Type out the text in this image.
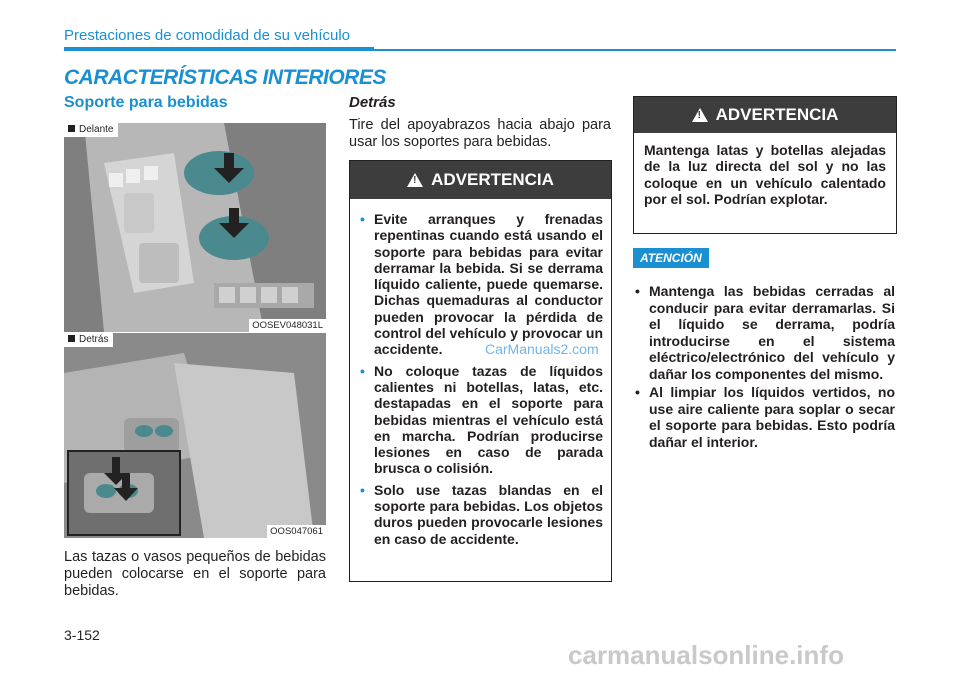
Prestaciones de comodidad de su vehículo
CARACTERÍSTICAS INTERIORES
Soporte para bebidas
Delante
OOSEV048031L
Detrás
OOS047061
Las tazas o vasos pequeños de bebidas pueden colocarse en el soporte para bebidas.
Detrás
Tire del apoyabrazos hacia abajo para usar los soportes para bebidas.
! ADVERTENCIA
• Evite arranques y frenadas repentinas cuando está usando el soporte para bebidas para evitar derramar la bebida. Si se derrama líquido caliente, puede quemarse. Dichas quemaduras al conductor pueden provocar la pérdida de control del vehículo y provocar un accidente.
• No coloque tazas de líquidos calientes ni botellas, latas, etc. destapadas en el soporte para bebidas mientras el vehículo está en marcha. Podrían producirse lesiones en caso de parada brusca o colisión.
• Solo use tazas blandas en el soporte para bebidas. Los objetos duros pueden provocarle lesiones en caso de accidente.
! ADVERTENCIA
Mantenga latas y botellas alejadas de la luz directa del sol y no las coloque en un vehículo calentado por el sol. Podrían explotar.
ATENCIÓN
• Mantenga las bebidas cerradas al conducir para evitar derramarlas. Si el líquido se derrama, podría introducirse en el sistema eléctrico/electrónico del vehículo y dañar los componentes del mismo.
• Al limpiar los líquidos vertidos, no use aire caliente para soplar o secar el soporte para bebidas. Esto podría dañar el interior.
3-152
CarManuals2.com
carmanualsonline.info
